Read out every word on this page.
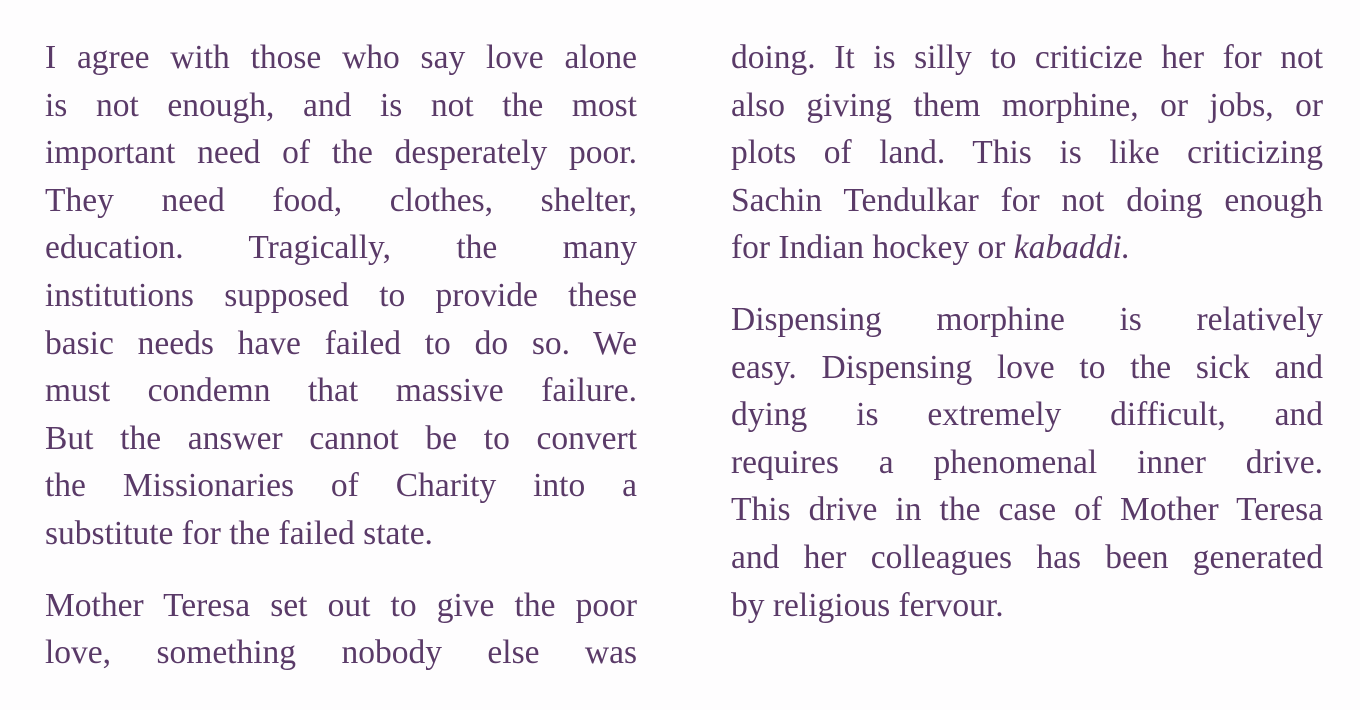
I agree with those who say love alone
is not enough, and is not the most
important need of the desperately poor.
They need food, clothes, shelter,
education. Tragically, the many
institutions supposed to provide these
basic needs have failed to do so. We
must condemn that massive failure.
But the answer cannot be to convert
the Missionaries of Charity into a
substitute for the failed state.
Mother Teresa set out to give the poor
love, something nobody else was
doing. It is silly to criticize her for not
also giving them morphine, or jobs, or
plots of land. This is like criticizing
Sachin Tendulkar for not doing enough
for Indian hockey or kabaddi.
Dispensing morphine is relatively
easy. Dispensing love to the sick and
dying is extremely difficult, and
requires a phenomenal inner drive.
This drive in the case of Mother Teresa
and her colleagues has been generated
by religious fervour.
